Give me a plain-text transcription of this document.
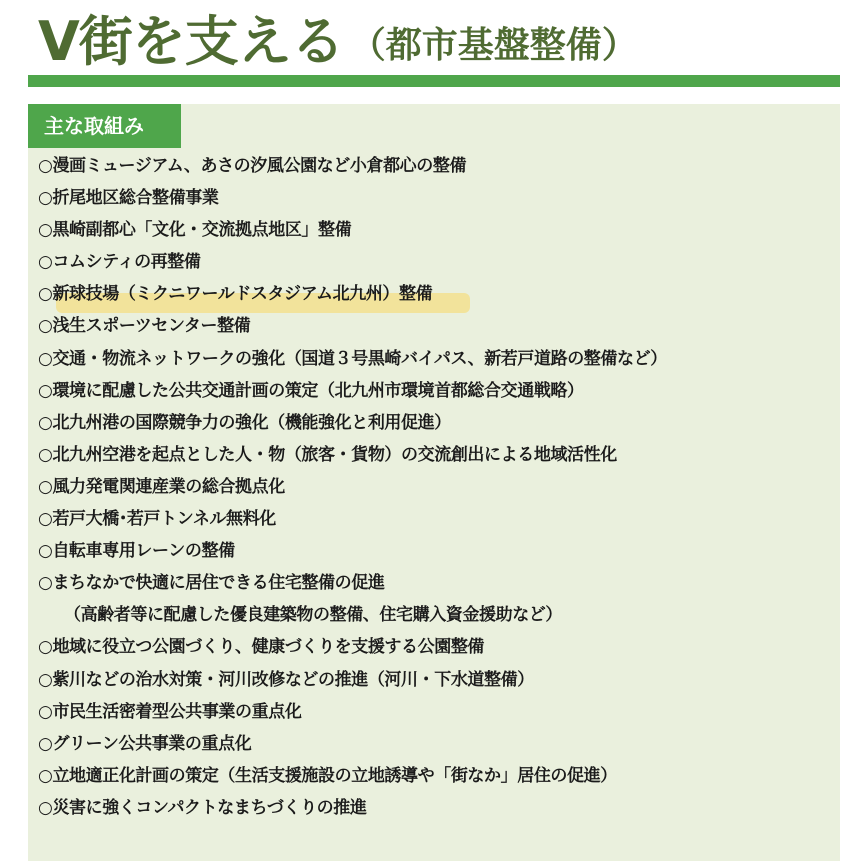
V街を支える （都市基盤整備）
主な取組み
○漫画ミュージアム、あさの汐風公園など小倉都心の整備
○折尾地区総合整備事業
○黒崎副都心「文化・交流拠点地区」整備
○コムシティの再整備
○新球技場（ミクニワールドスタジアム北九州）整備
○浅生スポーツセンター整備
○交通・物流ネットワークの強化（国道３号黒崎バイパス、新若戸道路の整備など）
○環境に配慮した公共交通計画の策定（北九州市環境首都総合交通戦略）
○北九州港の国際競争力の強化（機能強化と利用促進）
○北九州空港を起点とした人・物（旅客・貨物）の交流創出による地域活性化
○風力発電関連産業の総合拠点化
○若戸大橋･若戸トンネル無料化
○自転車専用レーンの整備
○まちなかで快適に居住できる住宅整備の促進
（高齢者等に配慮した優良建築物の整備、住宅購入資金援助など）
○地域に役立つ公園づくり、健康づくりを支援する公園整備
○紫川などの治水対策・河川改修などの推進（河川・下水道整備）
○市民生活密着型公共事業の重点化
○グリーン公共事業の重点化
○立地適正化計画の策定（生活支援施設の立地誘導や「街なか」居住の促進）
○災害に強くコンパクトなまちづくりの推進
